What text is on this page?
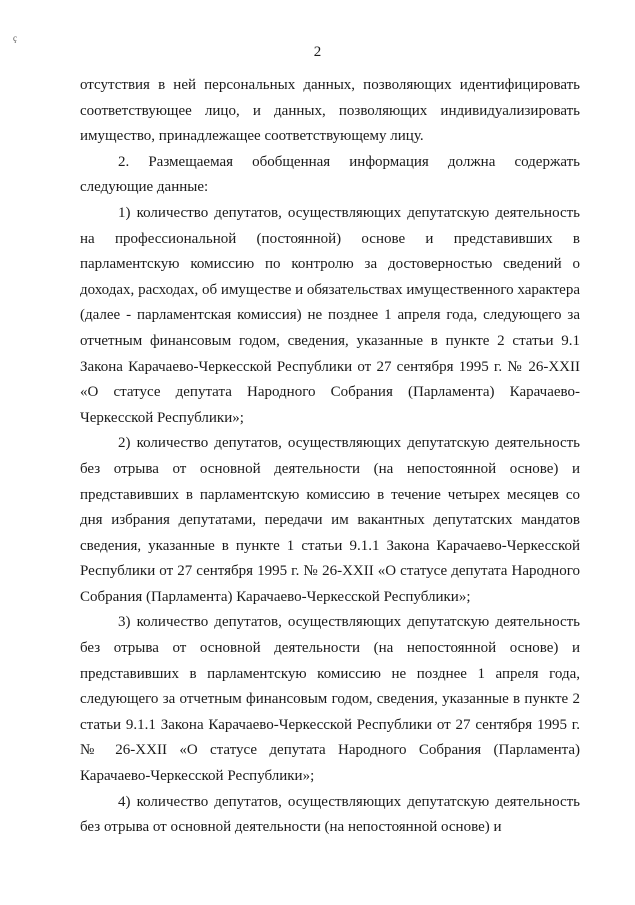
ç
2

отсутствия в ней персональных данных, позволяющих идентифицировать соответствующее лицо, и данных, позволяющих индивидуализировать имущество, принадлежащее соответствующему лицу.

2. Размещаемая обобщенная информация должна содержать следующие данные:

1) количество депутатов, осуществляющих депутатскую деятельность на профессиональной (постоянной) основе и представивших в парламентскую комиссию по контролю за достоверностью сведений о доходах, расходах, об имуществе и обязательствах имущественного характера (далее - парламентская комиссия) не позднее 1 апреля года, следующего за отчетным финансовым годом, сведения, указанные в пункте 2 статьи 9.1 Закона Карачаево-Черкесской Республики от 27 сентября 1995 г. № 26-XXII «О статусе депутата Народного Собрания (Парламента) Карачаево-Черкесской Республики»;

2) количество депутатов, осуществляющих депутатскую деятельность без отрыва от основной деятельности (на непостоянной основе) и представивших в парламентскую комиссию в течение четырех месяцев со дня избрания депутатами, передачи им вакантных депутатских мандатов сведения, указанные в пункте 1 статьи 9.1.1 Закона Карачаево-Черкесской Республики от 27 сентября 1995 г. № 26-XXII «О статусе депутата Народного Собрания (Парламента) Карачаево-Черкесской Республики»;

3) количество депутатов, осуществляющих депутатскую деятельность без отрыва от основной деятельности (на непостоянной основе) и представивших в парламентскую комиссию не позднее 1 апреля года, следующего за отчетным финансовым годом, сведения, указанные в пункте 2 статьи 9.1.1 Закона Карачаево-Черкесской Республики от 27 сентября 1995 г. № 26-XXII «О статусе депутата Народного Собрания (Парламента) Карачаево-Черкесской Республики»;

4) количество депутатов, осуществляющих депутатскую деятельность без отрыва от основной деятельности (на непостоянной основе) и
